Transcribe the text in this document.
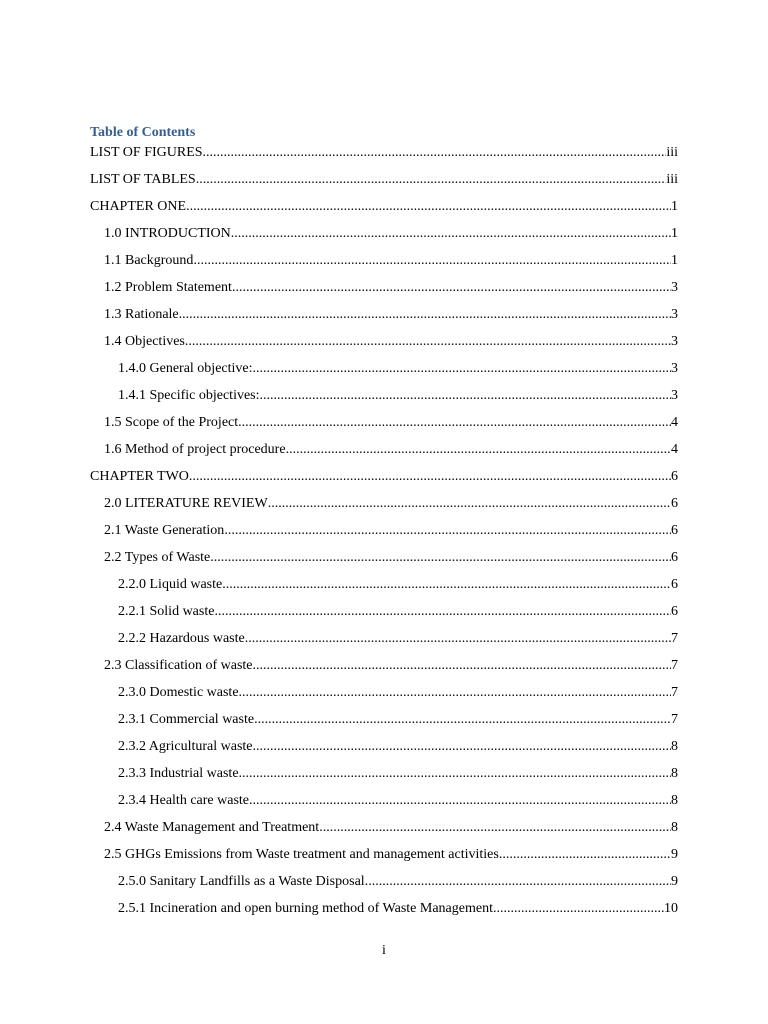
Table of Contents
LIST OF FIGURES .....	iii
LIST OF TABLES .....	iii
CHAPTER ONE .....	1
1.0 INTRODUCTION .....	1
1.1 Background .....	1
1.2 Problem Statement .....	3
1.3 Rationale .....	3
1.4 Objectives .....	3
1.4.0 General objective: .....	3
1.4.1 Specific objectives: .....	3
1.5 Scope of the Project .....	4
1.6 Method of project procedure .....	4
CHAPTER TWO .....	6
2.0 LITERATURE REVIEW .....	6
2.1 Waste Generation .....	6
2.2 Types of Waste .....	6
2.2.0 Liquid waste .....	6
2.2.1 Solid waste .....	6
2.2.2 Hazardous waste .....	7
2.3 Classification of waste .....	7
2.3.0 Domestic waste .....	7
2.3.1 Commercial waste .....	7
2.3.2 Agricultural waste .....	8
2.3.3 Industrial waste .....	8
2.3.4 Health care waste .....	8
2.4 Waste Management and Treatment .....	8
2.5 GHGs Emissions from Waste treatment and management activities .....	9
2.5.0 Sanitary Landfills as a Waste Disposal .....	9
2.5.1 Incineration and open burning method of Waste Management .....	10
i
